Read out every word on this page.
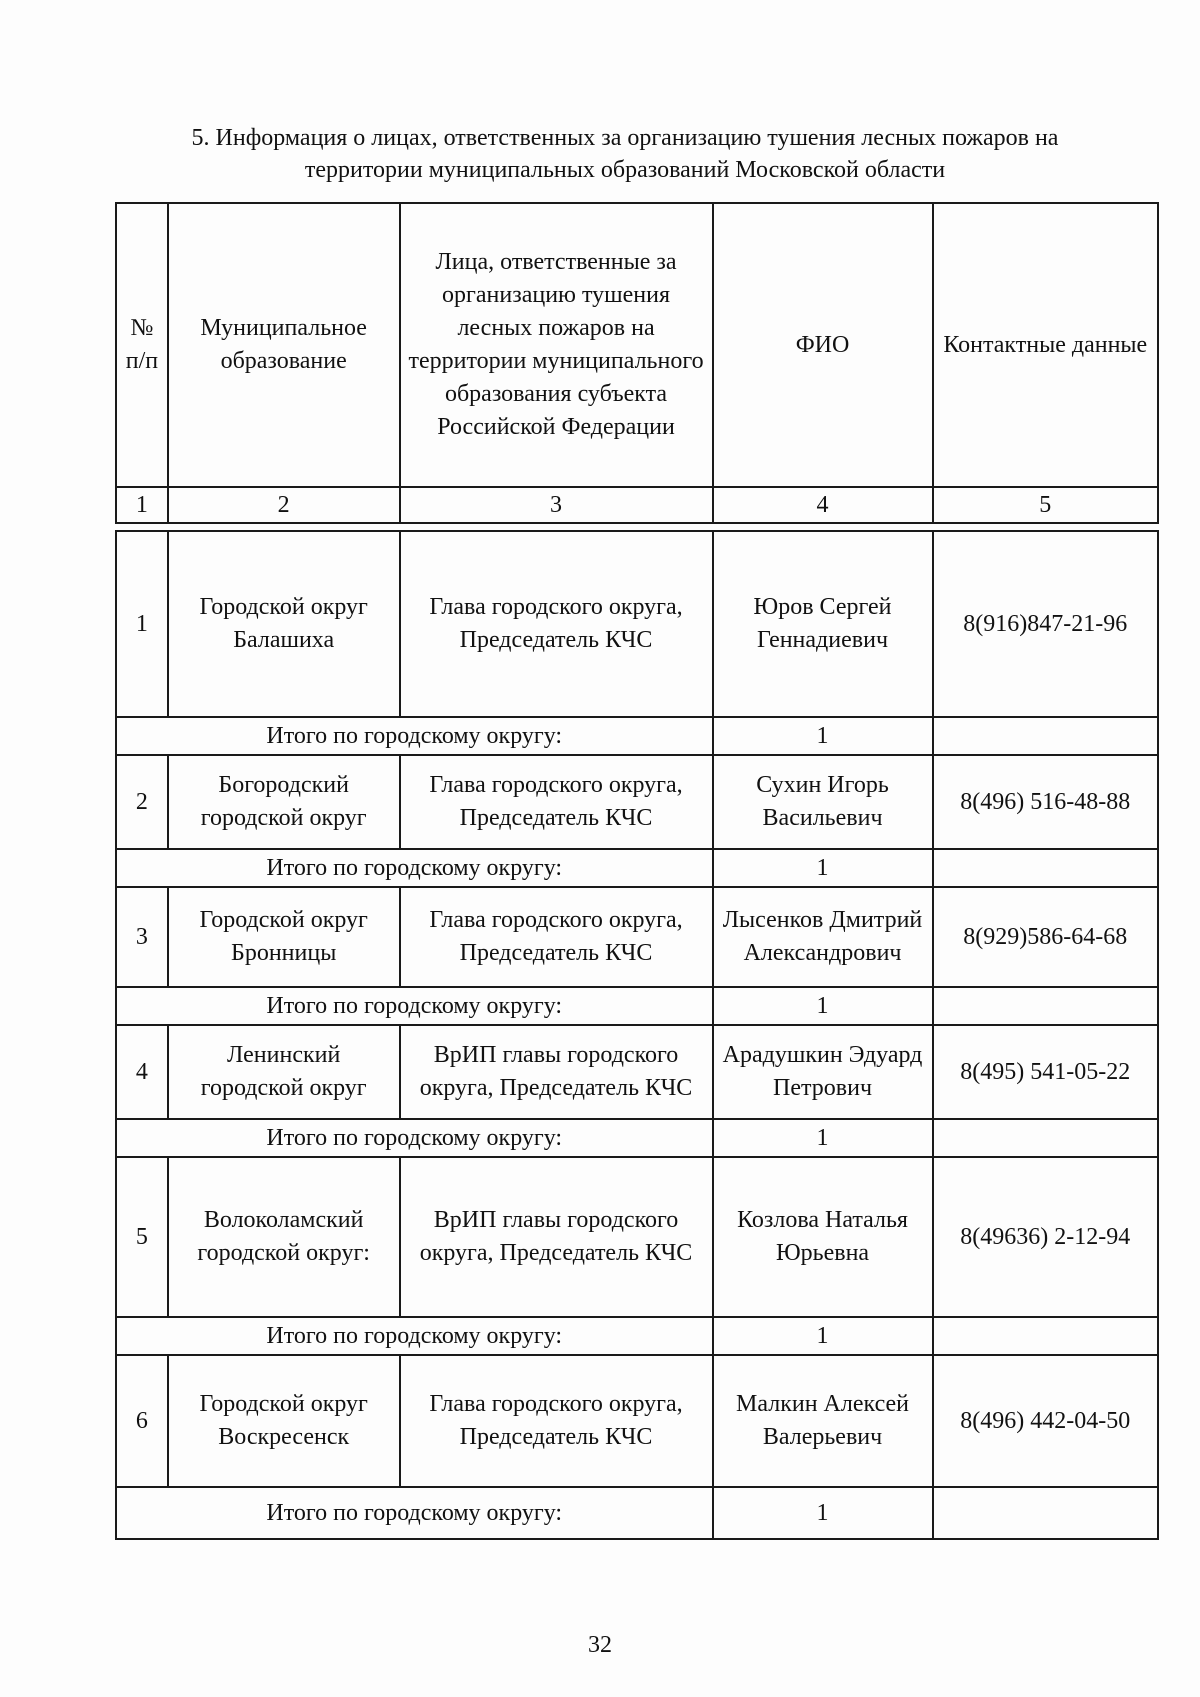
5. Информация о лицах, ответственных за организацию тушения лесных пожаров на
территории муниципальных образований Московской области
№ п/п	Муниципальное образование	Лица, ответственные за организацию тушения лесных пожаров на территории муниципального образования субъекта Российской Федерации	ФИО	Контактные данные
1	2	3	4	5

1	Городской округ Балашиха	Глава городского округа, Председатель КЧС	Юров Сергей Геннадиевич	8(916)847-21-96
Итого по городскому округу:			1	
2	Богородский городской округ	Глава городского округа, Председатель КЧС	Сухин Игорь Васильевич	8(496) 516-48-88
Итого по городскому округу:			1	
3	Городской округ Бронницы	Глава городского округа, Председатель КЧС	Лысенков Дмитрий Александрович	8(929)586-64-68
Итого по городскому округу:			1	
4	Ленинский городской округ	ВрИП главы городского округа, Председатель КЧС	Арадушкин Эдуард Петрович	8(495) 541-05-22
Итого по городскому округу:			1	
5	Волоколамский городской округ:	ВрИП главы городского округа, Председатель КЧС	Козлова Наталья Юрьевна	8(49636) 2-12-94
Итого по городскому округу:			1	
6	Городской округ Воскресенск	Глава городского округа, Председатель КЧС	Малкин Алексей Валерьевич	8(496) 442-04-50
Итого по городскому округу:			1	
32
